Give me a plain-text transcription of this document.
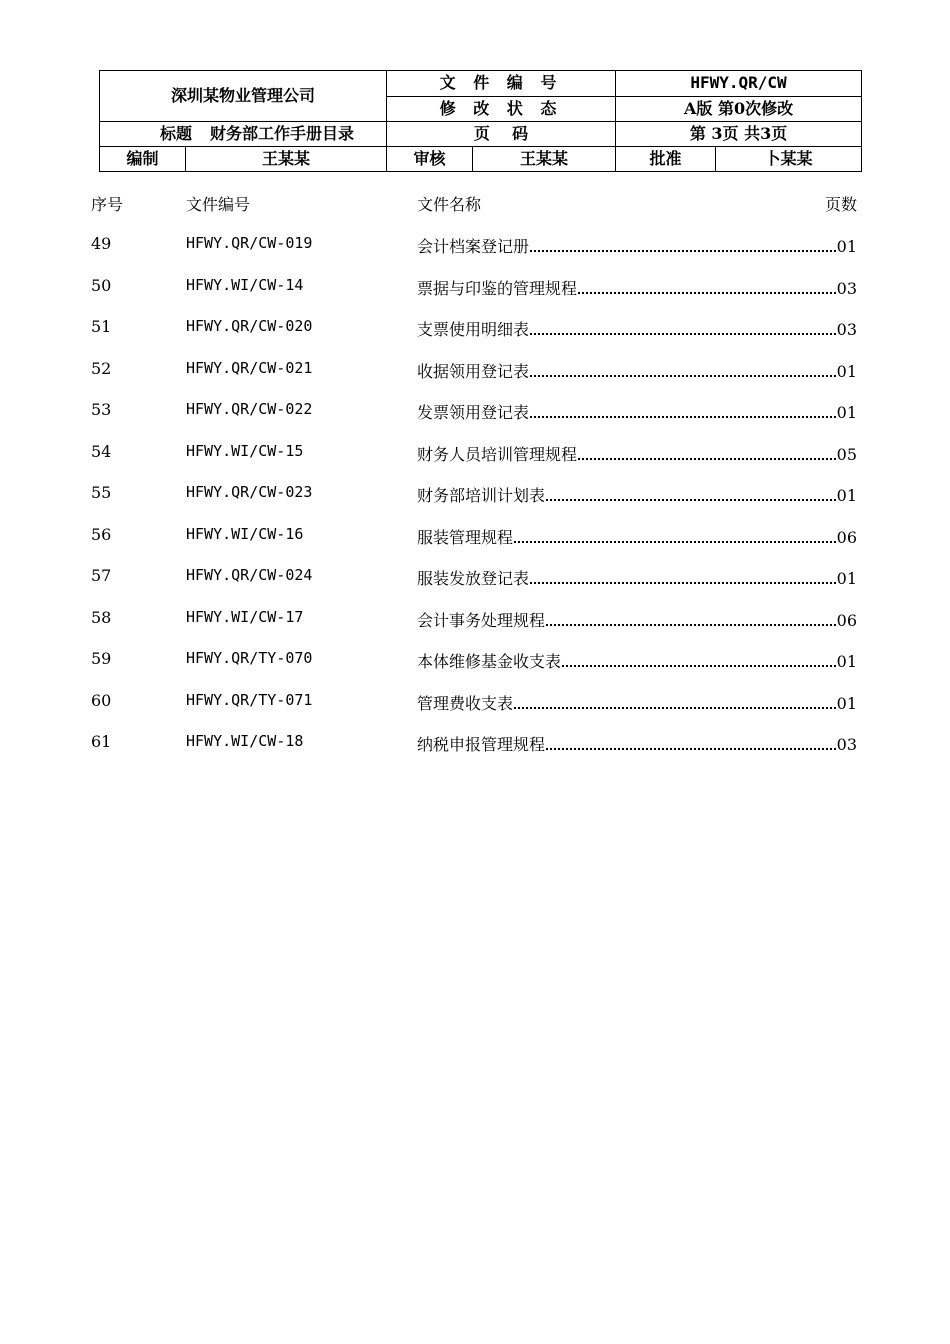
深圳某物业管理公司		文 件 编 号		HFWY.QR/CW	
		修 改 状 态		A版 第0次修改	
标题 财务部工作手册目录		页    码		第 3页 共3页	
编制	王某某	审核	王某某	批准	卜某某
序号	文件编号	文件名称	页数
49	HFWY.QR/CW-019	会计档案登记册	01
50	HFWY.WI/CW-14	票据与印鉴的管理规程	03
51	HFWY.QR/CW-020	支票使用明细表	03
52	HFWY.QR/CW-021	收据领用登记表	01
53	HFWY.QR/CW-022	发票领用登记表	01
54	HFWY.WI/CW-15	财务人员培训管理规程	05
55	HFWY.QR/CW-023	财务部培训计划表	01
56	HFWY.WI/CW-16	服装管理规程	06
57	HFWY.QR/CW-024	服装发放登记表	01
58	HFWY.WI/CW-17	会计事务处理规程	06
59	HFWY.QR/TY-070	本体维修基金收支表	01
60	HFWY.QR/TY-071	管理费收支表	01
61	HFWY.WI/CW-18	纳税申报管理规程	03
